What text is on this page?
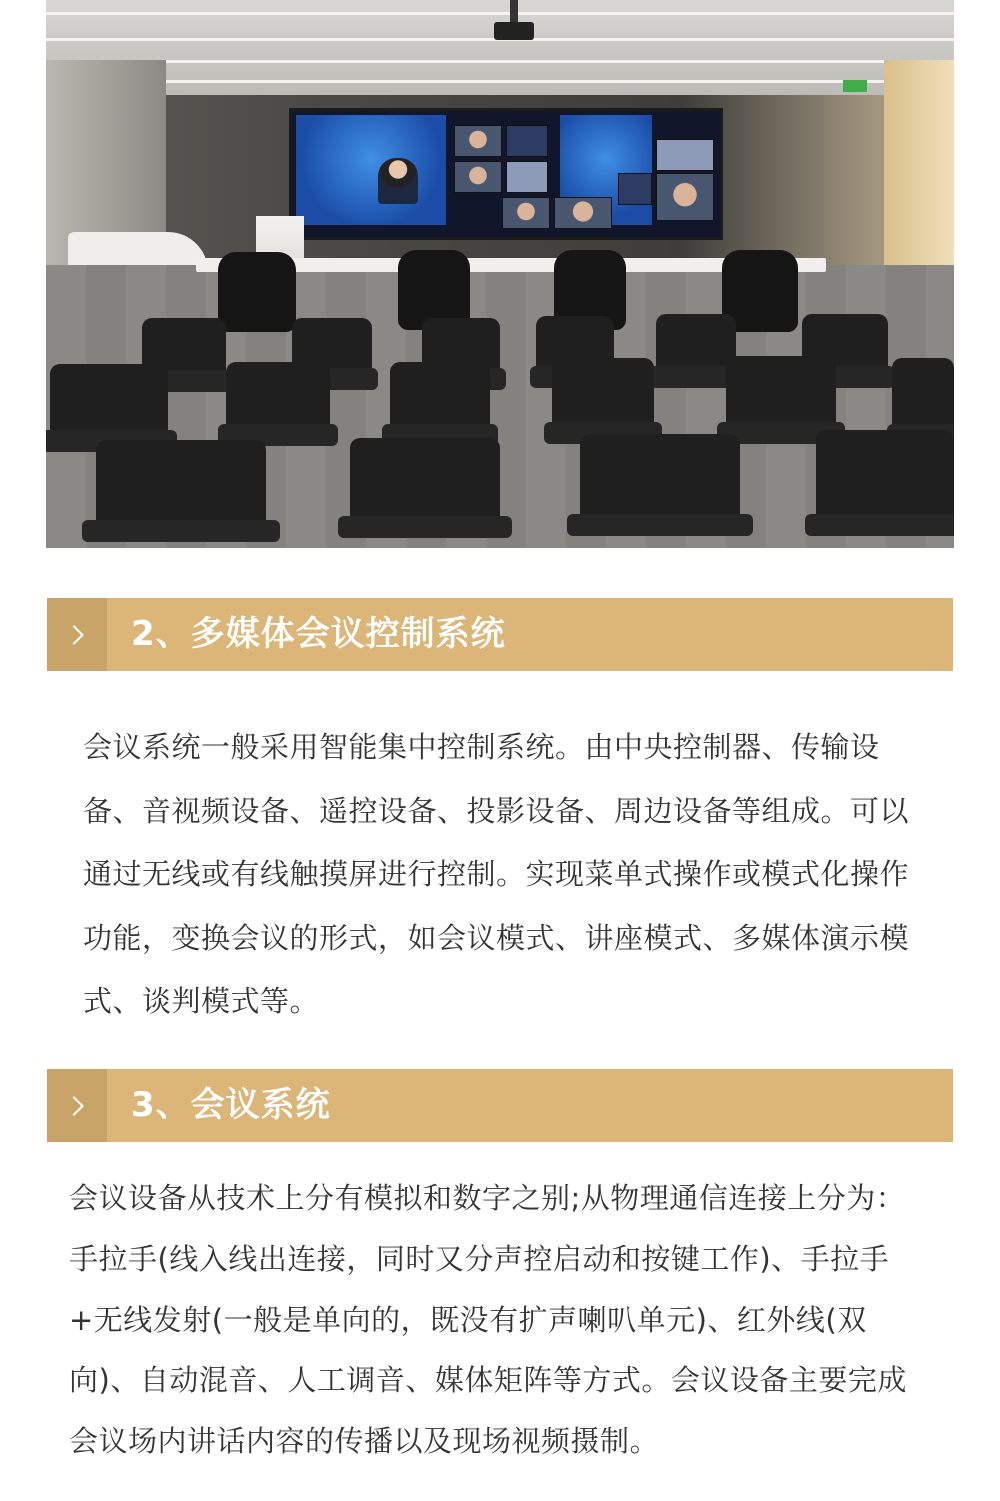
2、多媒体会议控制系统

会议系统一般采用智能集中控制系统。由中央控制器、传输设备、音视频设备、遥控设备、投影设备、周边设备等组成。可以通过无线或有线触摸屏进行控制。实现菜单式操作或模式化操作功能，变换会议的形式，如会议模式、讲座模式、多媒体演示模式、谈判模式等。

3、会议系统

会议设备从技术上分有模拟和数字之别;从物理通信连接上分为：手拉手(线入线出连接，同时又分声控启动和按键工作)、手拉手+无线发射(一般是单向的，既没有扩声喇叭单元)、红外线(双向)、自动混音、人工调音、媒体矩阵等方式。会议设备主要完成会议场内讲话内容的传播以及现场视频摄制。
